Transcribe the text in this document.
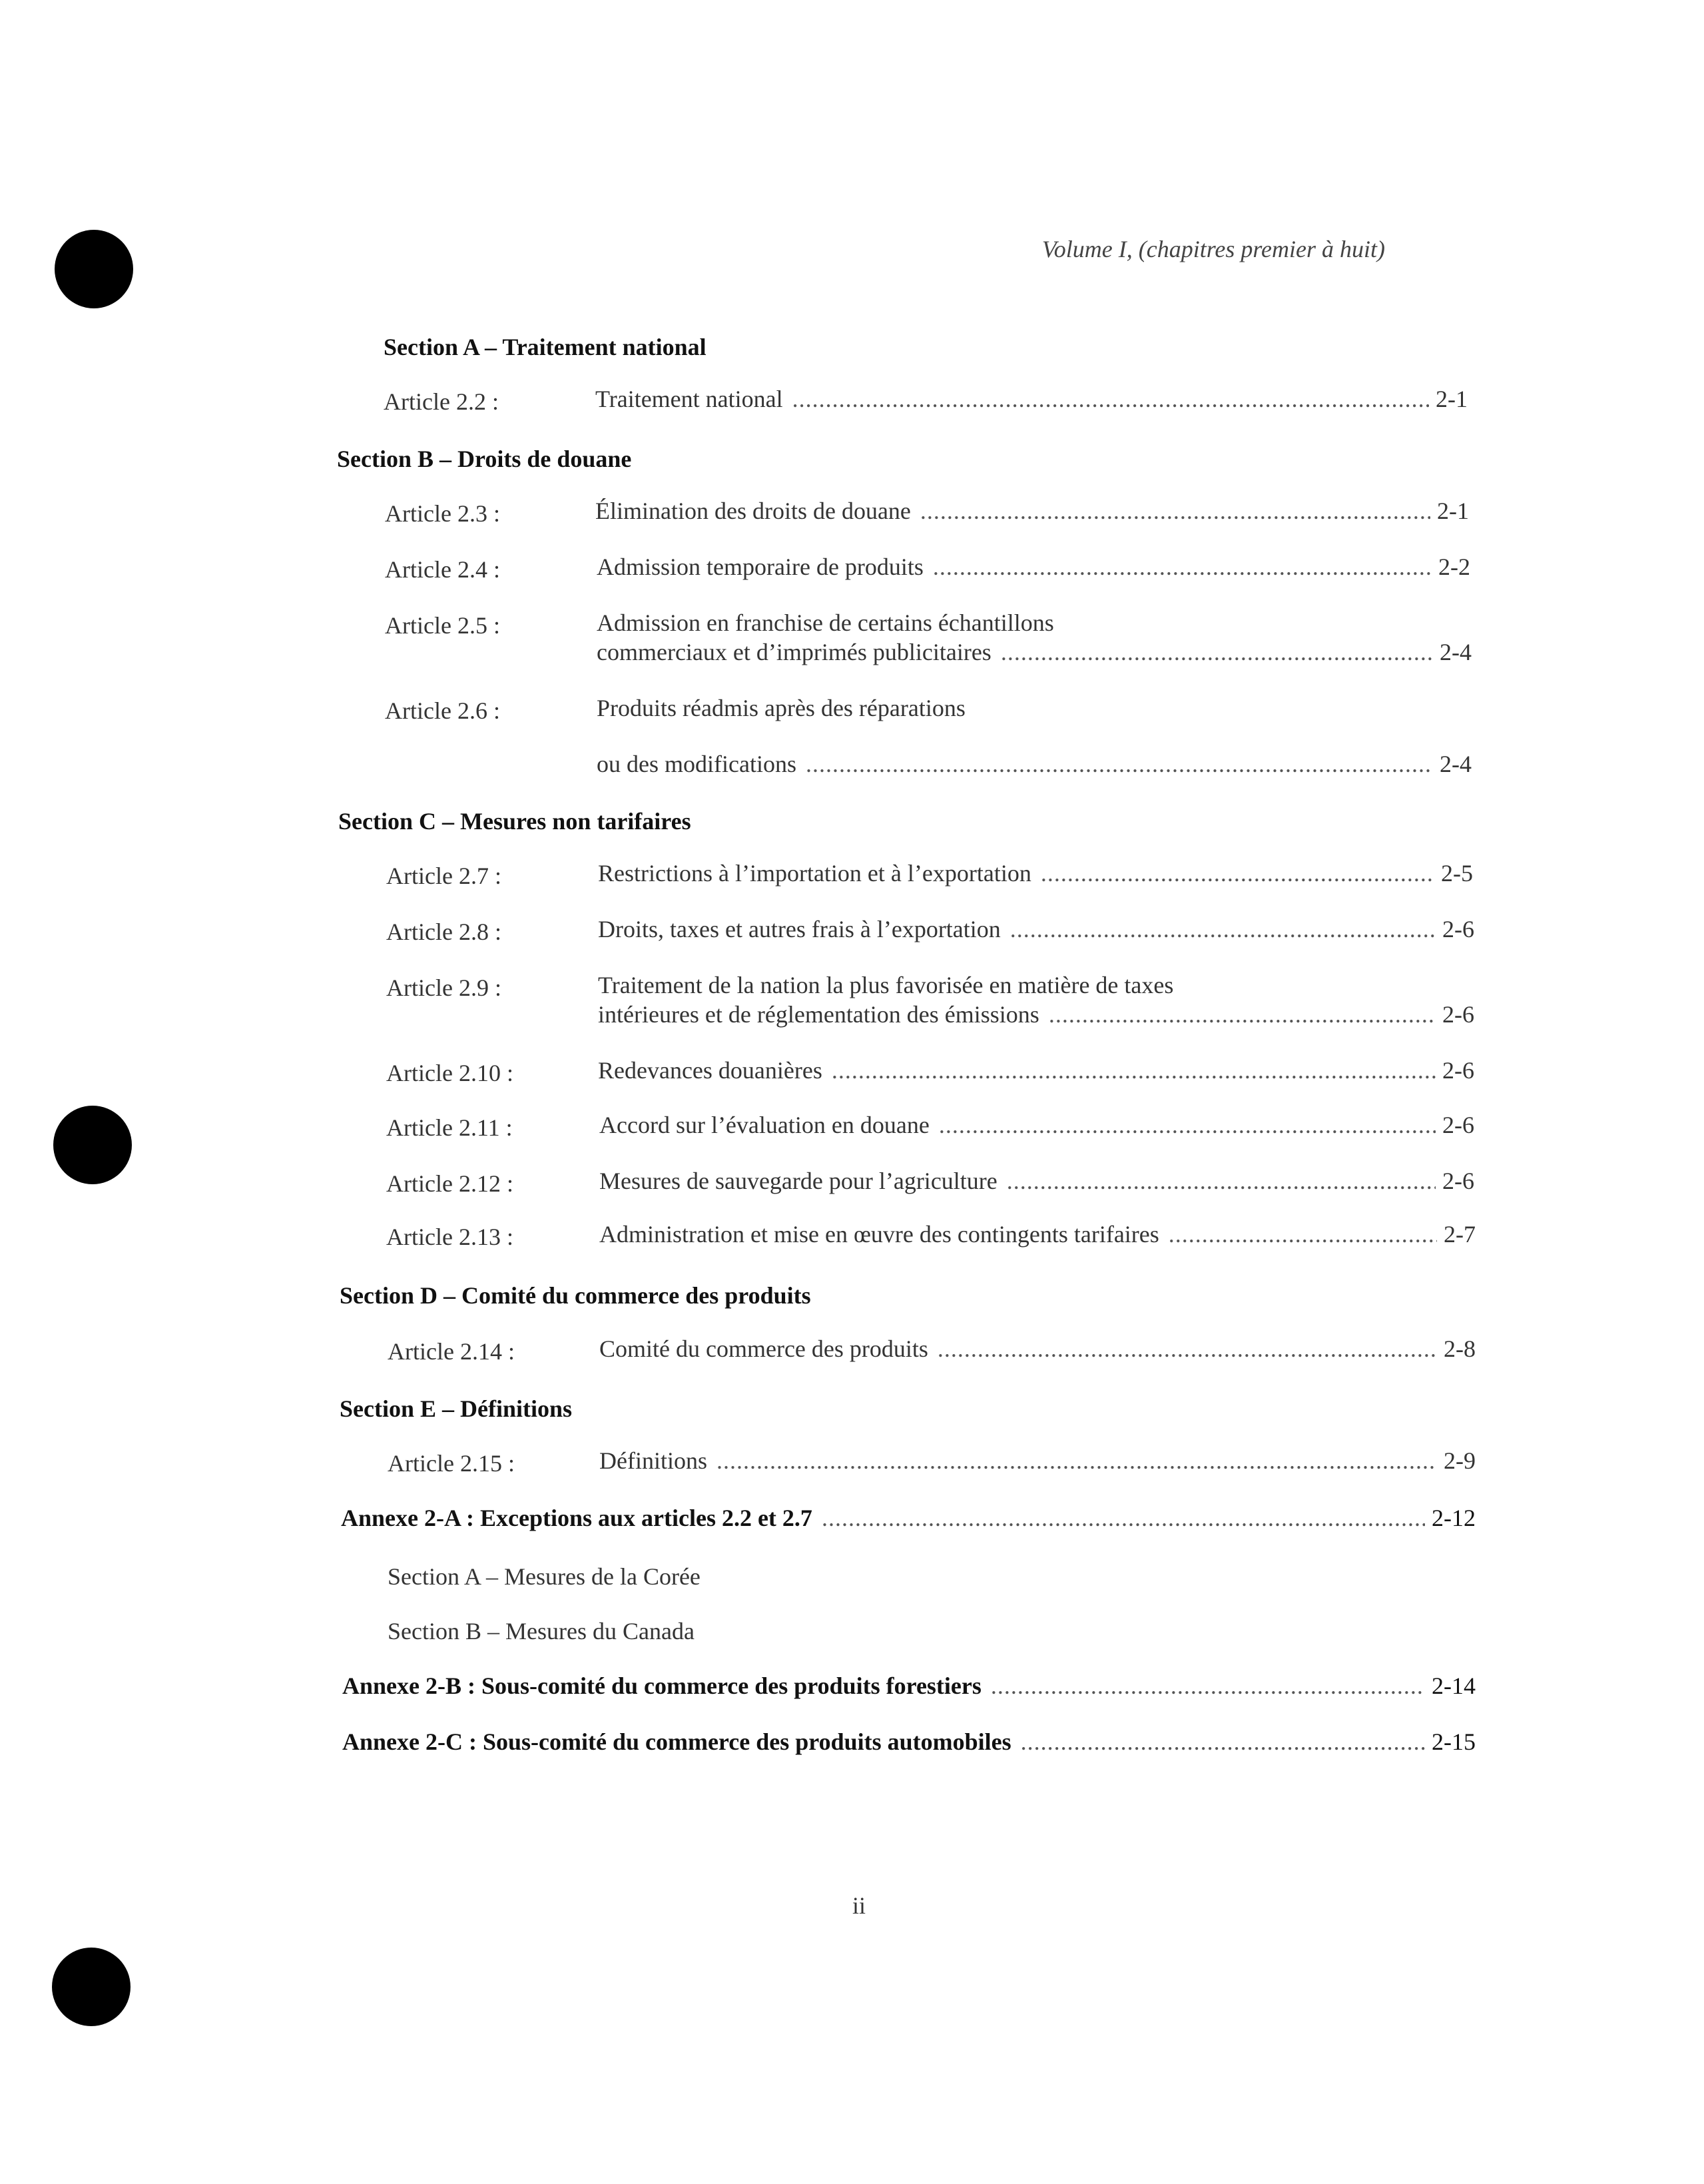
Volume I, (chapitres premier à huit)
Section A – Traitement national
Article 2.2 :	Traitement national .....	2-1
Section B – Droits de douane
Article 2.3 :	Élimination des droits de douane .....	2-1
Article 2.4 :	Admission temporaire de produits .....	2-2
Article 2.5 :	Admission en franchise de certains échantillons
commerciaux et d’imprimés publicitaires .....	2-4
Article 2.6 :	Produits réadmis après des réparations
ou des modifications .....	2-4
Section C – Mesures non tarifaires
Article 2.7 :	Restrictions à l’importation et à l’exportation .....	2-5
Article 2.8 :	Droits, taxes et autres frais à l’exportation .....	2-6
Article 2.9 :	Traitement de la nation la plus favorisée en matière de taxes
intérieures et de réglementation des émissions .....	2-6
Article 2.10 :	Redevances douanières .....	2-6
Article 2.11 :	Accord sur l’évaluation en douane .....	2-6
Article 2.12 :	Mesures de sauvegarde pour l’agriculture .....	2-6
Article 2.13 :	Administration et mise en œuvre des contingents tarifaires .....	2-7
Section D – Comité du commerce des produits
Article 2.14 :	Comité du commerce des produits .....	2-8
Section E – Définitions
Article 2.15 :	Définitions .....	2-9
Annexe 2-A : Exceptions aux articles 2.2 et 2.7 .....	2-12
Section A – Mesures de la Corée
Section B – Mesures du Canada
Annexe 2-B : Sous-comité du commerce des produits forestiers .....	2-14
Annexe 2-C : Sous-comité du commerce des produits automobiles .....	2-15
ii
